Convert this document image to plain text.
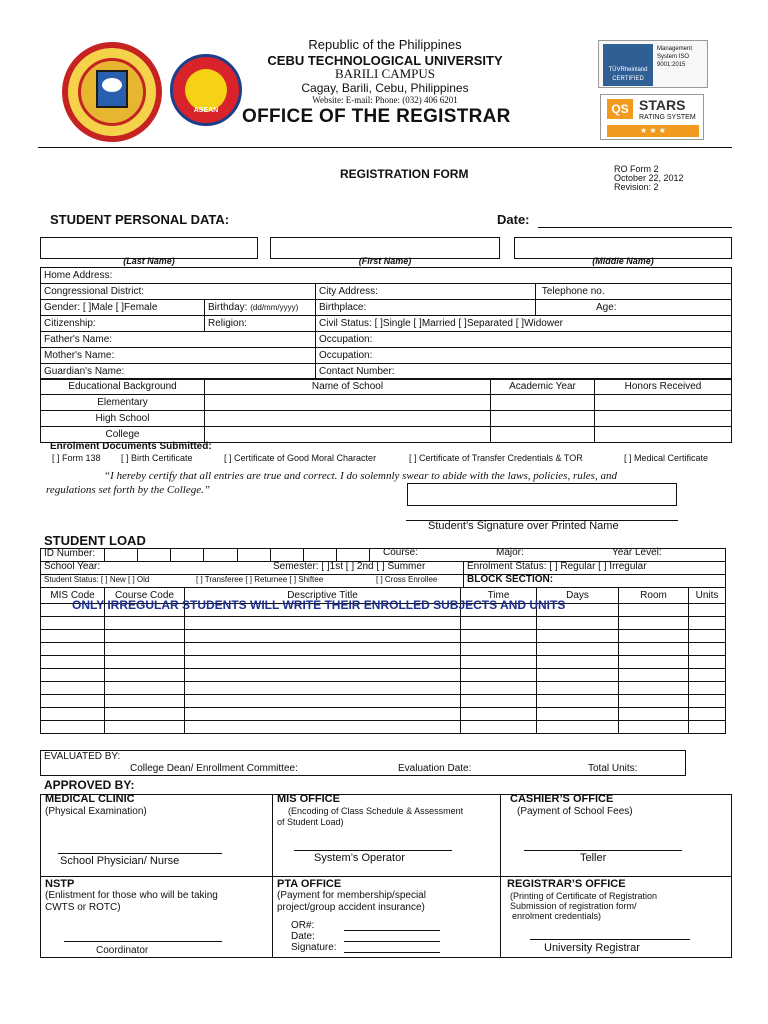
ASEAN
Republic of the Philippines
CEBU TECHNOLOGICAL UNIVERSITY
BARILI CAMPUS
Cagay, Barili, Cebu, Philippines
Website: E-mail: Phone: (032) 406 6201
OFFICE OF THE REGISTRAR
TÜVRheinland
CERTIFIED
Management System ISO 9001:2015
QS STARS
RATING SYSTEM
★ ★ ★
REGISTRATION FORM	RO Form 2
October 22, 2012
Revision: 2
STUDENT PERSONAL DATA:	Date:
(Last Name)	(First Name)	(Middle Name)
Home Address:			
Congressional District:		City Address:	Telephone no.
Gender: [ ]Male [ ]Female	Birthday: (dd/mm/yyyy)	Birthplace:	Age:
Citizenship:	Religion:	Civil Status: [ ]Single [ ]Married [ ]Separated [ ]Widower	
Father's Name:		Occupation:	
Mother's Name:		Occupation:	
Guardian's Name:		Contact Number:	
Educational Background	Name of School	Academic Year	Honors Received
Elementary			
High School			
College			
Enrolment Documents Submitted:
[ ] Form 138 [ ] Birth Certificate	[ ] Certificate of Good Moral Character	[ ] Certificate of Transfer Credentials & TOR	[ ] Medical Certificate
“I hereby certify that all entries are true and correct. I do solemnly swear to abide with the laws, policies, rules, and
regulations set forth by the College.”
Student’s Signature over Printed Name
STUDENT LOAD
ID Number:	Course:	Major:	Year Level:
School Year:	Semester: [ ]1st [ ] 2nd [ ] Summer	Enrolment Status: [ ] Regular [ ] Irregular
Student Status: [ ] New [ ] Old	[ ] Transferee [ ] Returnee [ ] Shiftee	[ ] Cross Enrollee	BLOCK SECTION:
MIS Code	Course Code	Descriptive Title	Time	Days	Room	Units

ONLY IRREGULAR STUDENTS WILL WRITE THEIR ENROLLED SUBJECTS AND UNITS
EVALUATED BY:
College Dean/ Enrollment Committee:	Evaluation Date:	Total Units:
APPROVED BY:
MEDICAL CLINIC
(Physical Examination)
School Physician/ Nurse
MIS OFFICE
(Encoding of Class Schedule & Assessment
of Student Load)
System’s Operator
CASHIER’S OFFICE
(Payment of School Fees)
Teller
NSTP
(Enlistment for those who will be taking
CWTS or ROTC)
Coordinator
PTA OFFICE
(Payment for membership/special
project/group accident insurance)
OR#:
Date:
Signature:
REGISTRAR’S OFFICE
(Printing of Certificate of Registration
Submission of registration form/
enrolment credentials)
University Registrar
